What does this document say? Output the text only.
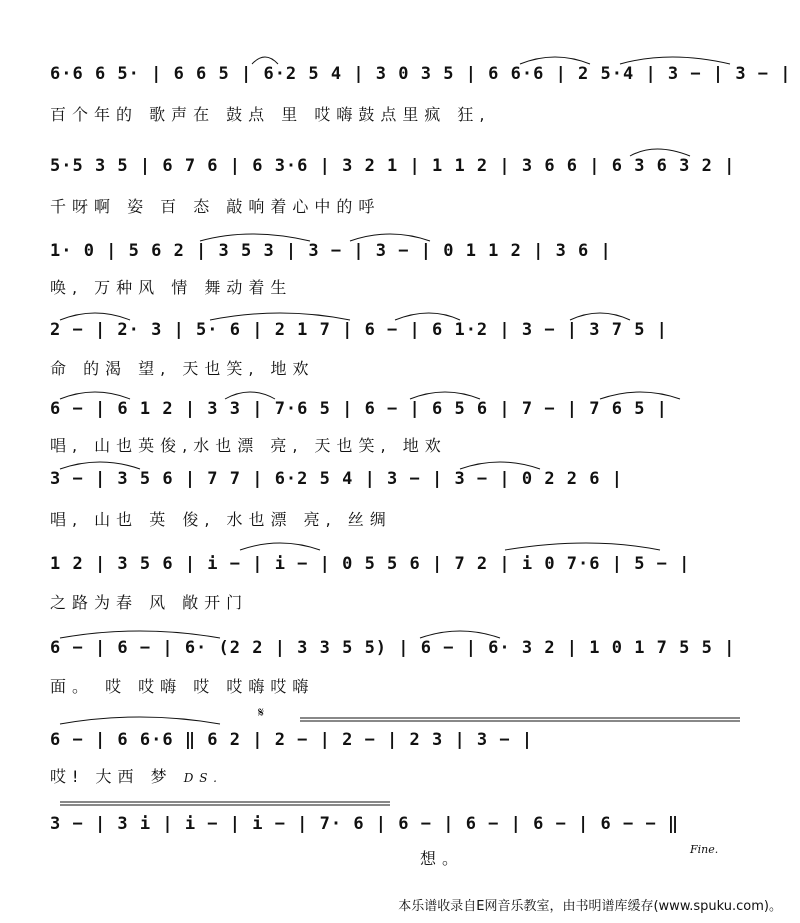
6·6 6 5· | 6 6 5 | 6·2 5 4 | 3 0 3 5 | 6 6·6 | 2 5·4 | 3 − | 3 − |
百个年的 歌声在 鼓点 里 哎嗨鼓点里疯 狂,
5·5 3 5 | 6 7 6 | 6 3·6 | 3 2 1 | 1 1 2 | 3 6 6 | 6 3 6 3 2 |
千呀啊 姿 百 态 敲响着心中的呼
1· 0 | 5 6 2 | 3 5 3 | 3 − | 3 − | 0 1 1 2 | 3 6 |
唤, 万种风 情 舞动着生
2 − | 2· 3 | 5· 6 | 2 1 7 | 6 − | 6 1·2 | 3 − | 3 7 5 |
命 的渴 望, 天也笑, 地欢
6 − | 6 1 2 | 3 3 | 7·6 5 | 6 − | 6 5 6 | 7 − | 7 6 5 |
唱, 山也英俊,水也漂 亮, 天也笑, 地欢
3 − | 3 5 6 | 7 7 | 6·2 5 4 | 3 − | 3 − | 0 2 2 6 |
唱, 山也 英 俊, 水也漂 亮, 丝绸
1 2 | 3 5 6 | i − | i − | 0 5 5 6 | 7 2 | i 0 7·6 | 5 − |
之路为春 风 敞开门
6 − | 6 − | 6· (2 2 | 3 3 5 5) | 6 − | 6· 3 2 | 1 0 1 7 5 5 |
面。 哎 哎嗨 哎 哎嗨哎嗨
6 − | 6 6·6 ‖ 6 2 | 2 − | 2 − | 2 3 | 3 − |
哎! 大西 梦 DS.
𝄋
3 − | 3 i | i − | i − | 7· 6 | 6 − | 6 − | 6 − | 6 − − ‖
想。	Fine.
本乐谱收录自E网音乐教室，由书明谱库缓存(www.spuku.com)。
